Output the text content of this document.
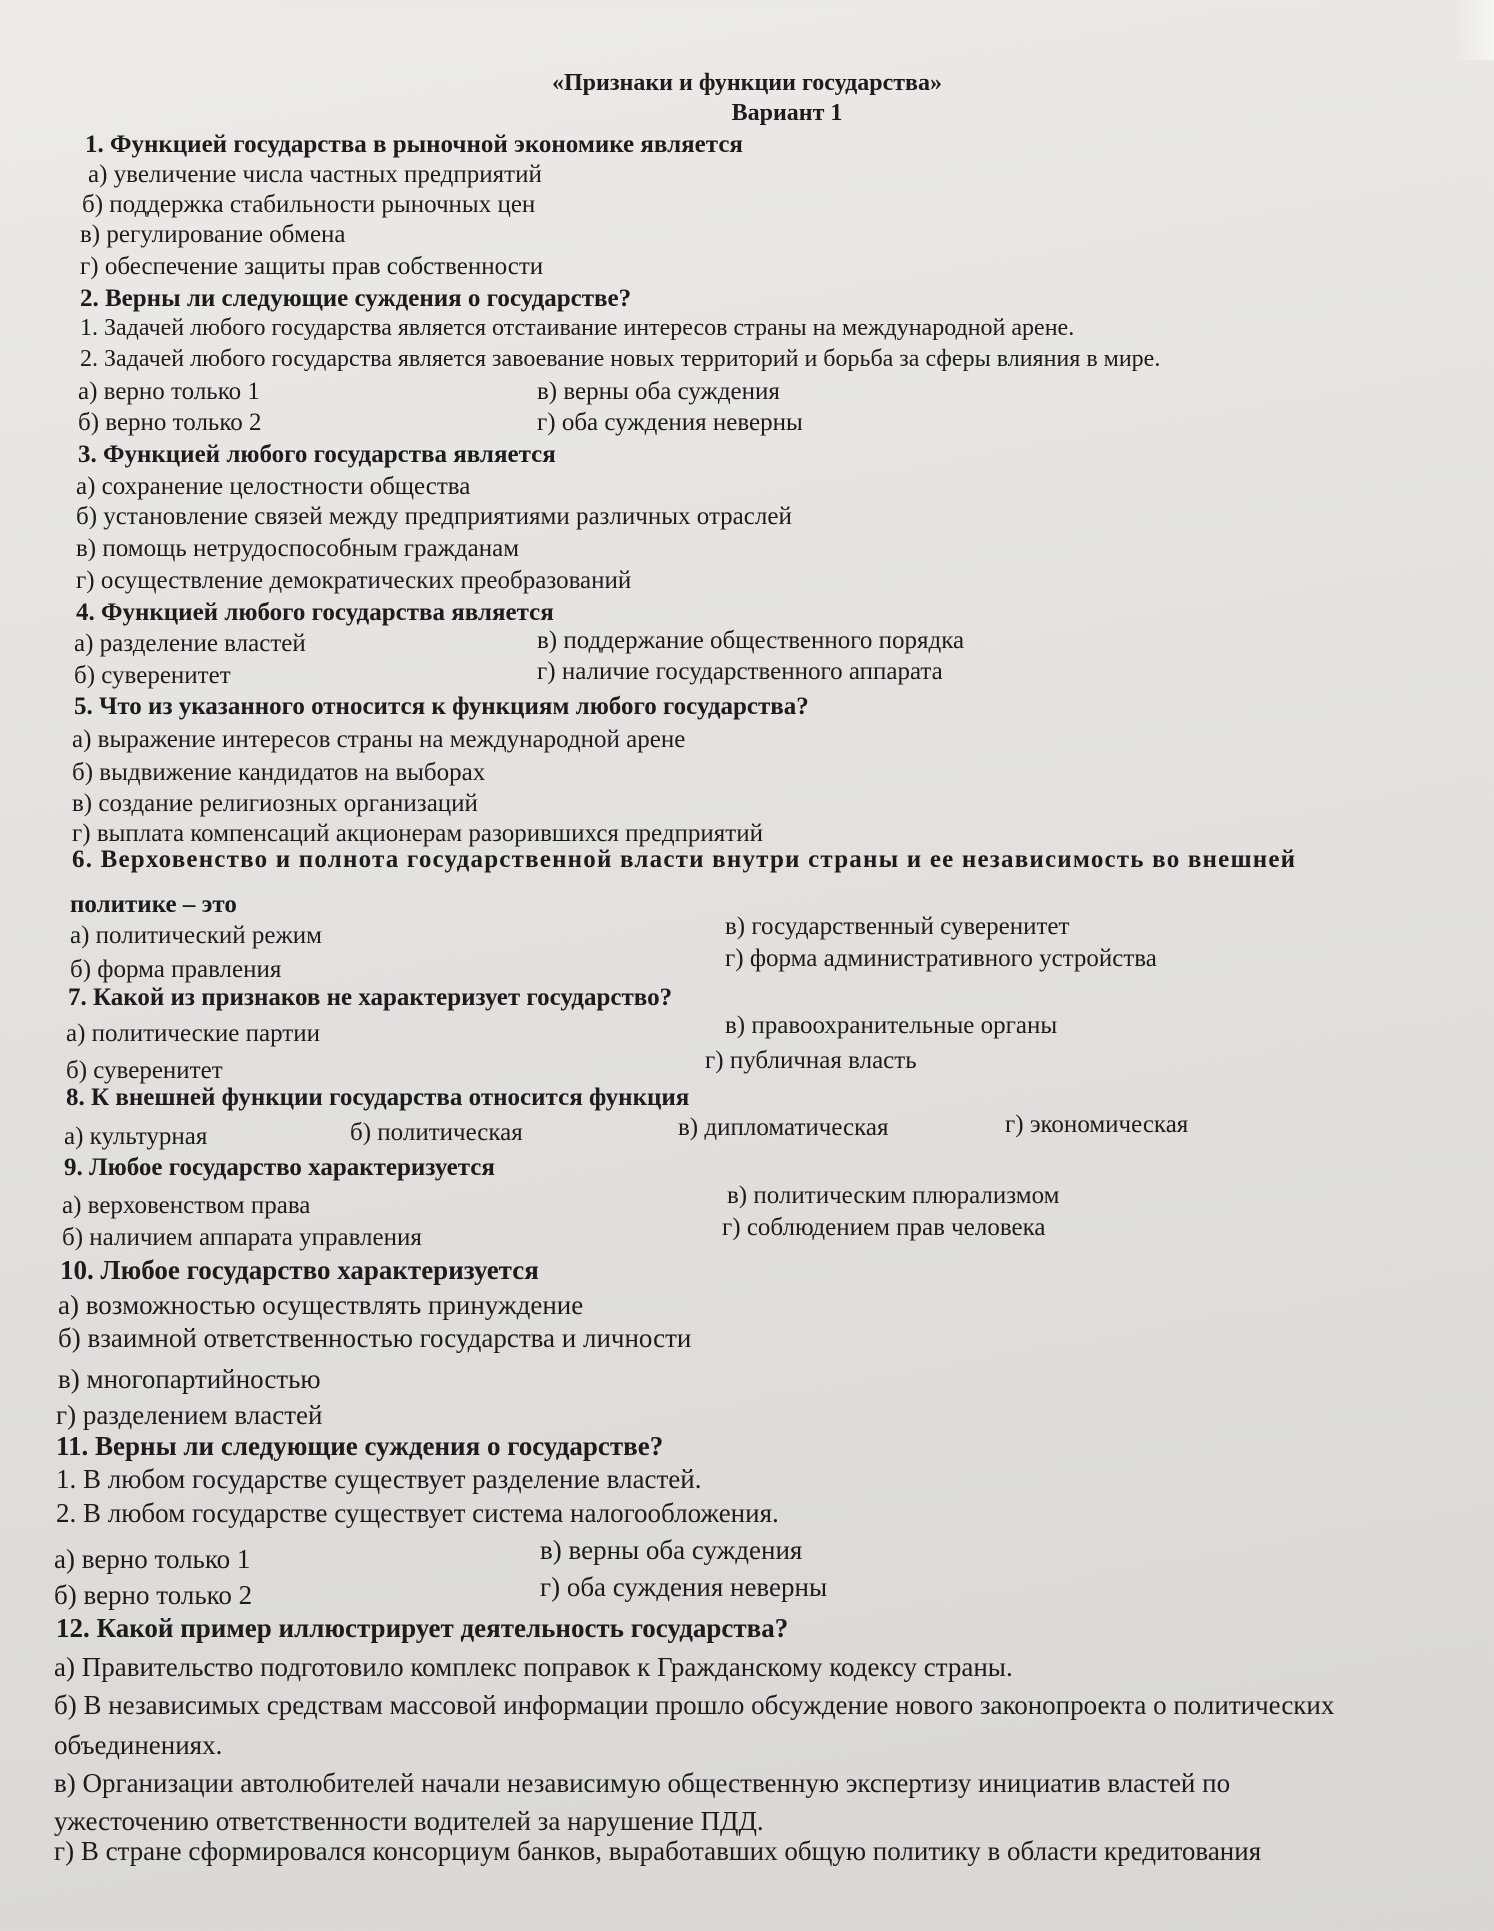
«Признаки и функции государства»
Вариант 1
1. Функцией государства в рыночной экономике является
а) увеличение числа частных предприятий
б) поддержка стабильности рыночных цен
в) регулирование обмена
г) обеспечение защиты прав собственности
2. Верны ли следующие суждения о государстве?
1. Задачей любого государства является отстаивание интересов страны на международной арене.
2. Задачей любого государства является завоевание новых территорий и борьба за сферы влияния в мире.
а) верно только 1
б) верно только 2
в) верны оба суждения
г) оба суждения неверны
3. Функцией любого государства является
а) сохранение целостности общества
б) установление связей между предприятиями различных отраслей
в) помощь нетрудоспособным гражданам
г) осуществление демократических преобразований
4. Функцией любого государства является
а) разделение властей
б) суверенитет
в) поддержание общественного порядка
г) наличие государственного аппарата
5. Что из указанного относится к функциям любого государства?
а) выражение интересов страны на международной арене
б) выдвижение кандидатов на выборах
в) создание религиозных организаций
г) выплата компенсаций акционерам разорившихся предприятий
6. Верховенство и полнота государственной власти внутри страны и ее независимость во внешней
политике – это
а) политический режим
б) форма правления
в) государственный суверенитет
г) форма административного устройства
7. Какой из признаков не характеризует государство?
а) политические партии
б) суверенитет
в) правоохранительные органы
г) публичная власть
8. К внешней функции государства относится функция
а) культурная	б) политическая	в) дипломатическая	г) экономическая
9. Любое государство характеризуется
а) верховенством права
б) наличием аппарата управления
в) политическим плюрализмом
г) соблюдением прав человека
10. Любое государство характеризуется
а) возможностью осуществлять принуждение
б) взаимной ответственностью государства и личности
в) многопартийностью
г) разделением властей
11. Верны ли следующие суждения о государстве?
1. В любом государстве существует разделение властей.
2. В любом государстве существует система налогообложения.
а) верно только 1
б) верно только 2
в) верны оба суждения
г) оба суждения неверны
12. Какой пример иллюстрирует деятельность государства?
а) Правительство подготовило комплекс поправок к Гражданскому кодексу страны.
б) В независимых средствам массовой информации прошло обсуждение нового законопроекта о политических
объединениях.
в) Организации автолюбителей начали независимую общественную экспертизу инициатив властей по
ужесточению ответственности водителей за нарушение ПДД.
г) В стране сформировался консорциум банков, выработавших общую политику в области кредитования
